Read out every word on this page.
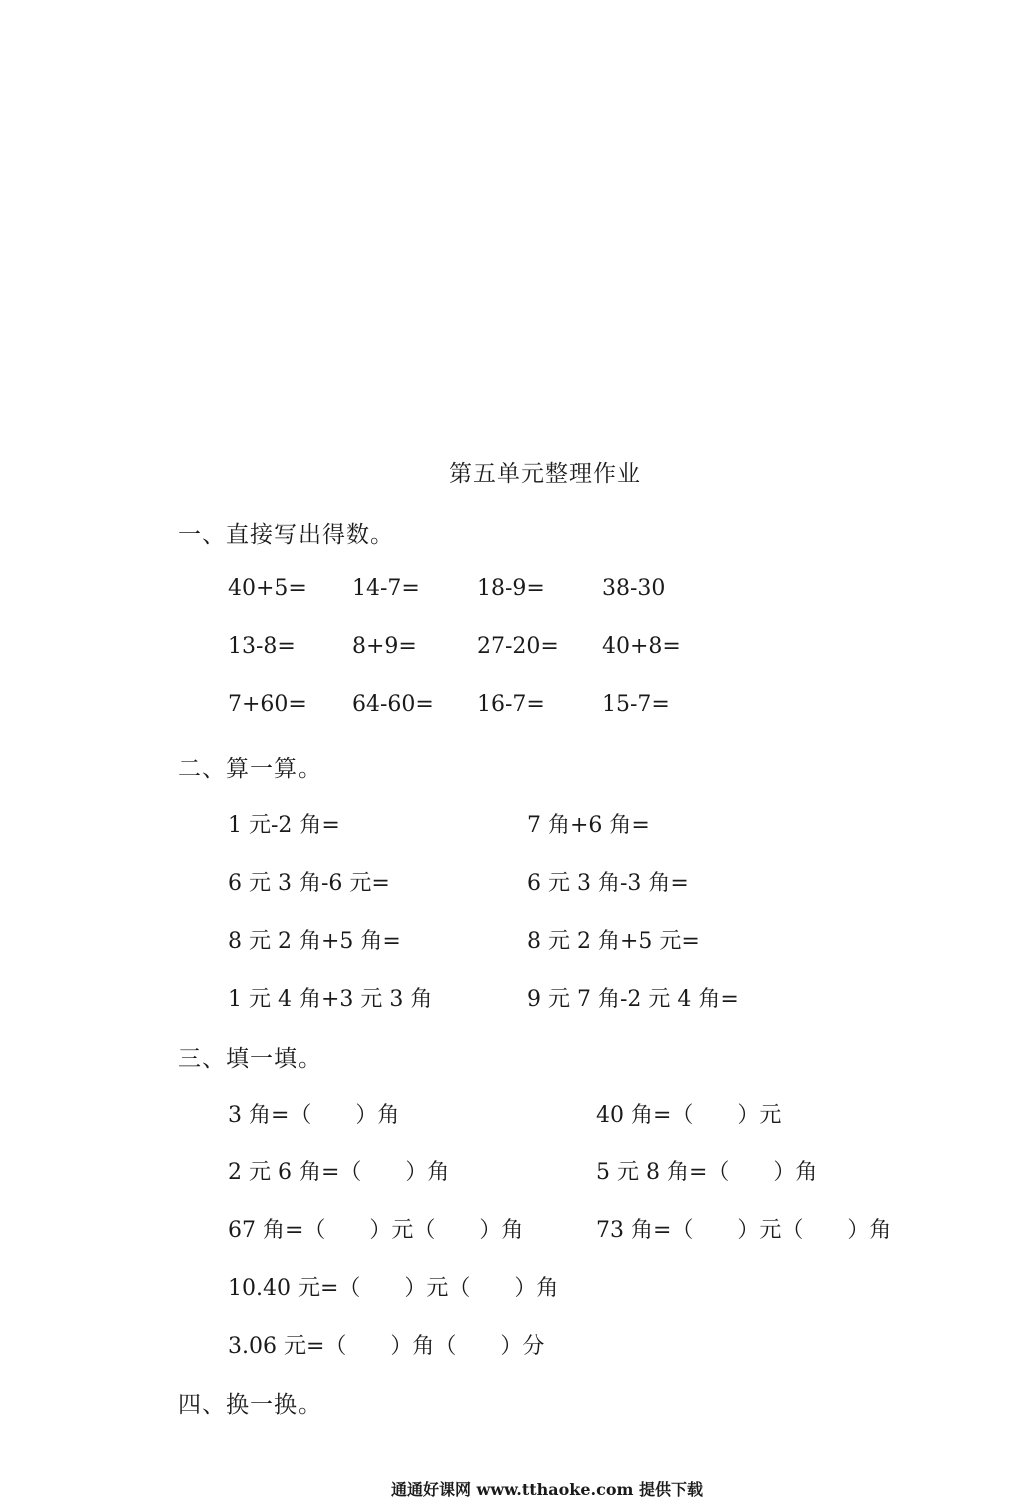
第五单元整理作业
一、直接写出得数。
40+5= 14-7=	18-9=	38-30
13-8=	8+9=	27-20= 40+8=
7+60= 64-60= 16-7=	15-7=
二、算一算。
1 元-2 角=	7 角+6 角=
6 元 3 角-6 元=	6 元 3 角-3 角=
8 元 2 角+5 角=	8 元 2 角+5 元=
1 元 4 角+3 元 3 角	9 元 7 角-2 元 4 角=
三、填一填。
3 角=（　　）角	40 角=（　　）元
2 元 6 角=（　　）角	5 元 8 角=（　　）角
67 角=（　　）元（　　）角	73 角=（　　）元（　　）角
10.40 元=（　　）元（　　）角
3.06 元=（　　）角（　　）分
四、换一换。
通通好课网 www.tthaoke.com 提供下载
